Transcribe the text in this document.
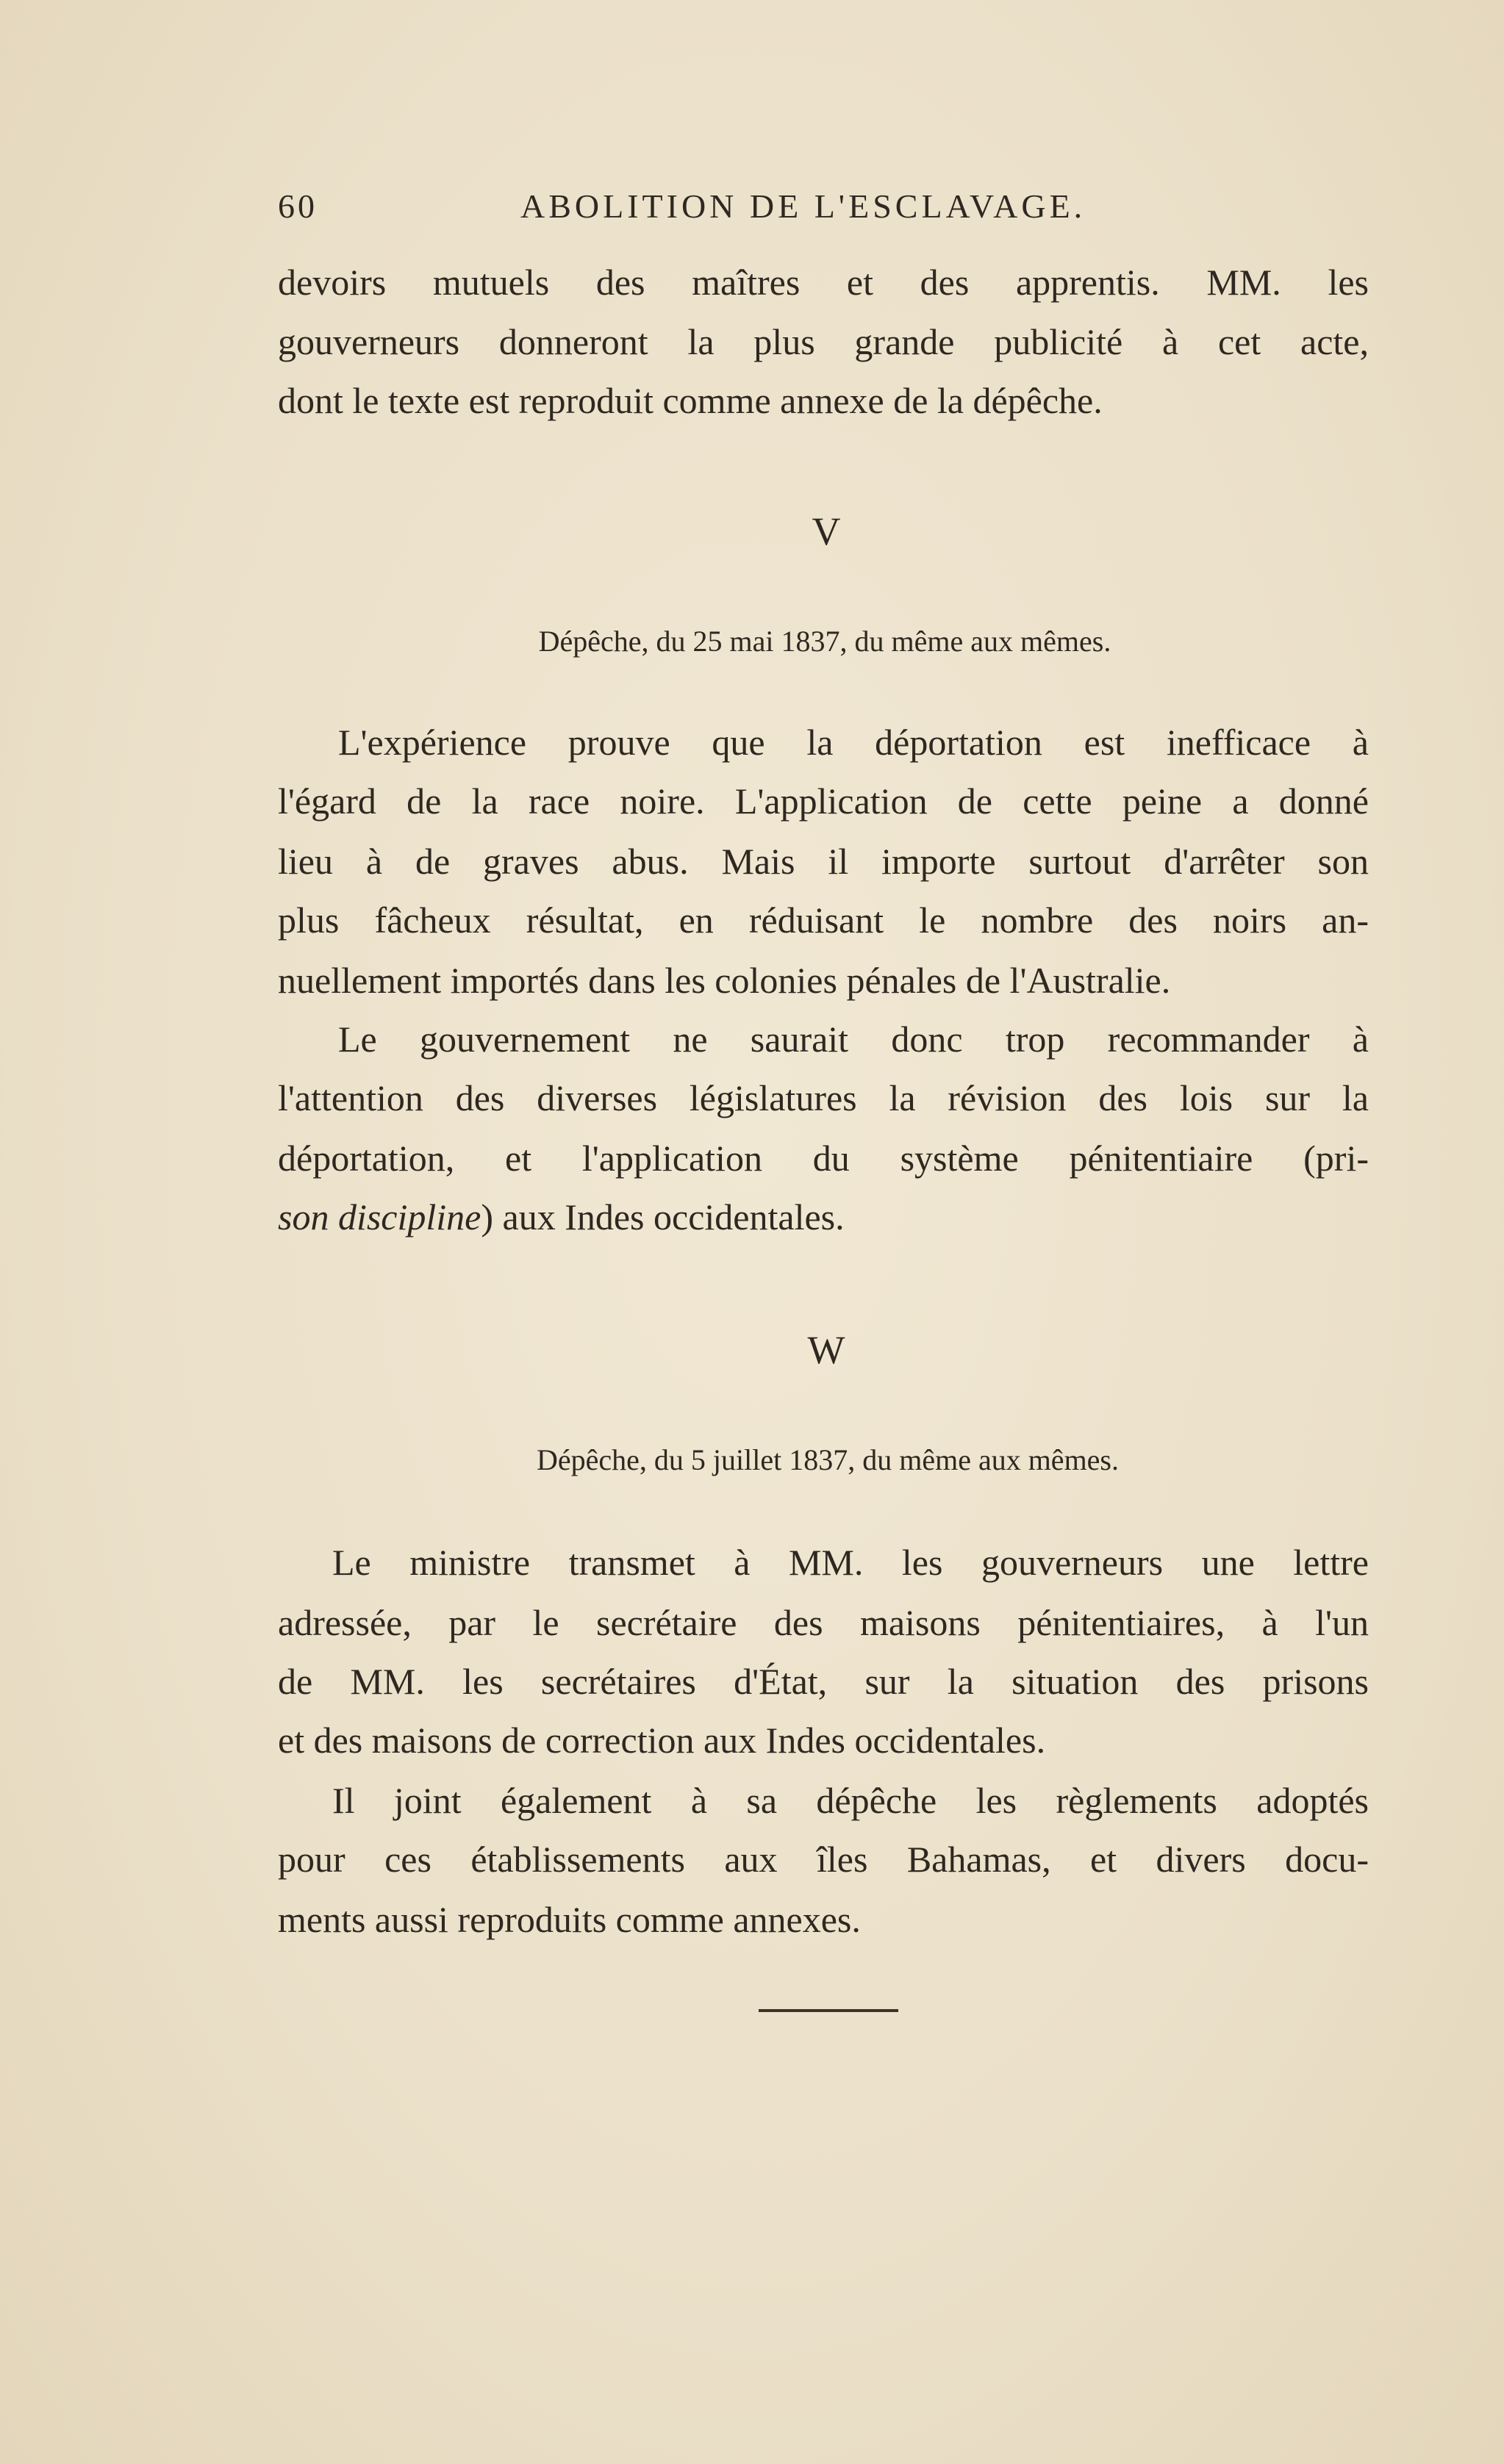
60	ABOLITION DE L'ESCLAVAGE.
devoirs mutuels des maîtres et des apprentis. MM. les
gouverneurs donneront la plus grande publicité à cet acte,
dont le texte est reproduit comme annexe de la dépêche.
V
Dépêche, du 25 mai 1837, du même aux mêmes.
L'expérience prouve que la déportation est inefficace à
l'égard de la race noire. L'application de cette peine a donné
lieu à de graves abus. Mais il importe surtout d'arrêter son
plus fâcheux résultat, en réduisant le nombre des noirs an-
nuellement importés dans les colonies pénales de l'Australie.
Le gouvernement ne saurait donc trop recommander à
l'attention des diverses législatures la révision des lois sur la
déportation, et l'application du système pénitentiaire (pri-
son discipline) aux Indes occidentales.
W
Dépêche, du 5 juillet 1837, du même aux mêmes.
Le ministre transmet à MM. les gouverneurs une lettre
adressée, par le secrétaire des maisons pénitentiaires, à l'un
de MM. les secrétaires d'État, sur la situation des prisons
et des maisons de correction aux Indes occidentales.
Il joint également à sa dépêche les règlements adoptés
pour ces établissements aux îles Bahamas, et divers docu-
ments aussi reproduits comme annexes.
